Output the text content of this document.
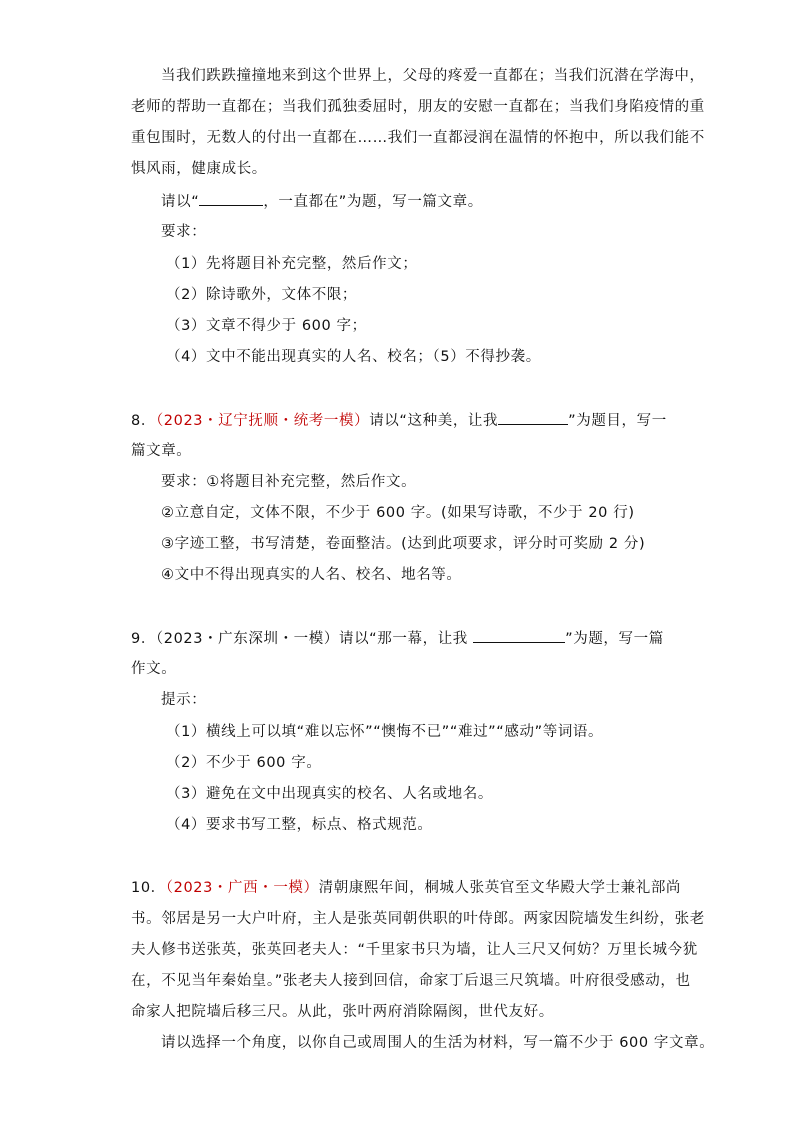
当我们跌跌撞撞地来到这个世界上，父母的疼爱一直都在；当我们沉潜在学海中，
老师的帮助一直都在；当我们孤独委屈时，朋友的安慰一直都在；当我们身陷疫情的重
重包围时，无数人的付出一直都在……我们一直都浸润在温情的怀抱中，所以我们能不
惧风雨，健康成长。
请以“	，一直都在”为题，写一篇文章。
要求：
（1）先将题目补充完整，然后作文；
（2）除诗歌外，文体不限；
（3）文章不得少于 600 字；
（4）文中不能出现真实的人名、校名；（5）不得抄袭。
8．（2023・辽宁抚顺・统考一模）请以“这种美，让我	”为题目，写一
篇文章。
要求：①将题目补充完整，然后作文。
②立意自定，文体不限，不少于 600 字。(如果写诗歌，不少于 20 行)
③字迹工整，书写清楚，卷面整洁。(达到此项要求，评分时可奖励 2 分)
④文中不得出现真实的人名、校名、地名等。
9．（2023・广东深圳・一模）请以“那一幕，让我	”为题，写一篇
作文。
提示：
（1）横线上可以填“难以忘怀”“懊悔不已”“难过”“感动”等词语。
（2）不少于 600 字。
（3）避免在文中出现真实的校名、人名或地名。
（4）要求书写工整，标点、格式规范。
10．（2023・广西・一模）清朝康熙年间，桐城人张英官至文华殿大学士兼礼部尚
书。邻居是另一大户叶府，主人是张英同朝供职的叶侍郎。两家因院墙发生纠纷，张老
夫人修书送张英，张英回老夫人：“千里家书只为墙，让人三尺又何妨？万里长城今犹
在，不见当年秦始皇。”张老夫人接到回信，命家丁后退三尺筑墙。叶府很受感动，也
命家人把院墙后移三尺。从此，张叶两府消除隔阂，世代友好。
请以选择一个角度，以你自己或周围人的生活为材料，写一篇不少于 600 字文章。
